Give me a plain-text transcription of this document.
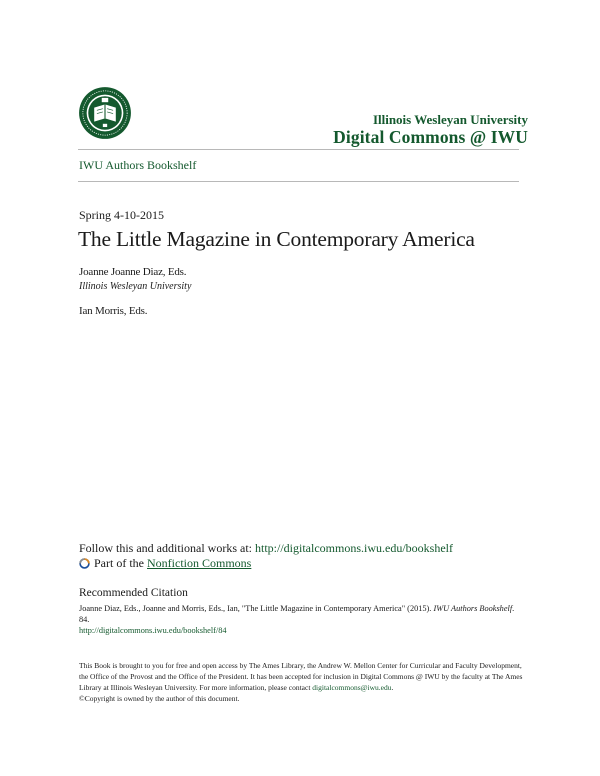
Illinois Wesleyan University
Digital Commons @ IWU
IWU Authors Bookshelf
Spring 4-10-2015
The Little Magazine in Contemporary America
Joanne Joanne Diaz, Eds.
Illinois Wesleyan University
Ian Morris, Eds.
Follow this and additional works at: http://digitalcommons.iwu.edu/bookshelf
Part of the
Nonfiction Commons
Recommended Citation
Joanne Diaz, Eds., Joanne and Morris, Eds., Ian, "The Little Magazine in Contemporary America" (2015). IWU Authors Bookshelf. 84.
http://digitalcommons.iwu.edu/bookshelf/84
This Book is brought to you for free and open access by The Ames Library, the Andrew W. Mellon Center for Curricular and Faculty Development, the Office of the Provost and the Office of the President. It has been accepted for inclusion in Digital Commons @ IWU by the faculty at The Ames Library at Illinois Wesleyan University. For more information, please contact digitalcommons@iwu.edu.
©Copyright is owned by the author of this document.
